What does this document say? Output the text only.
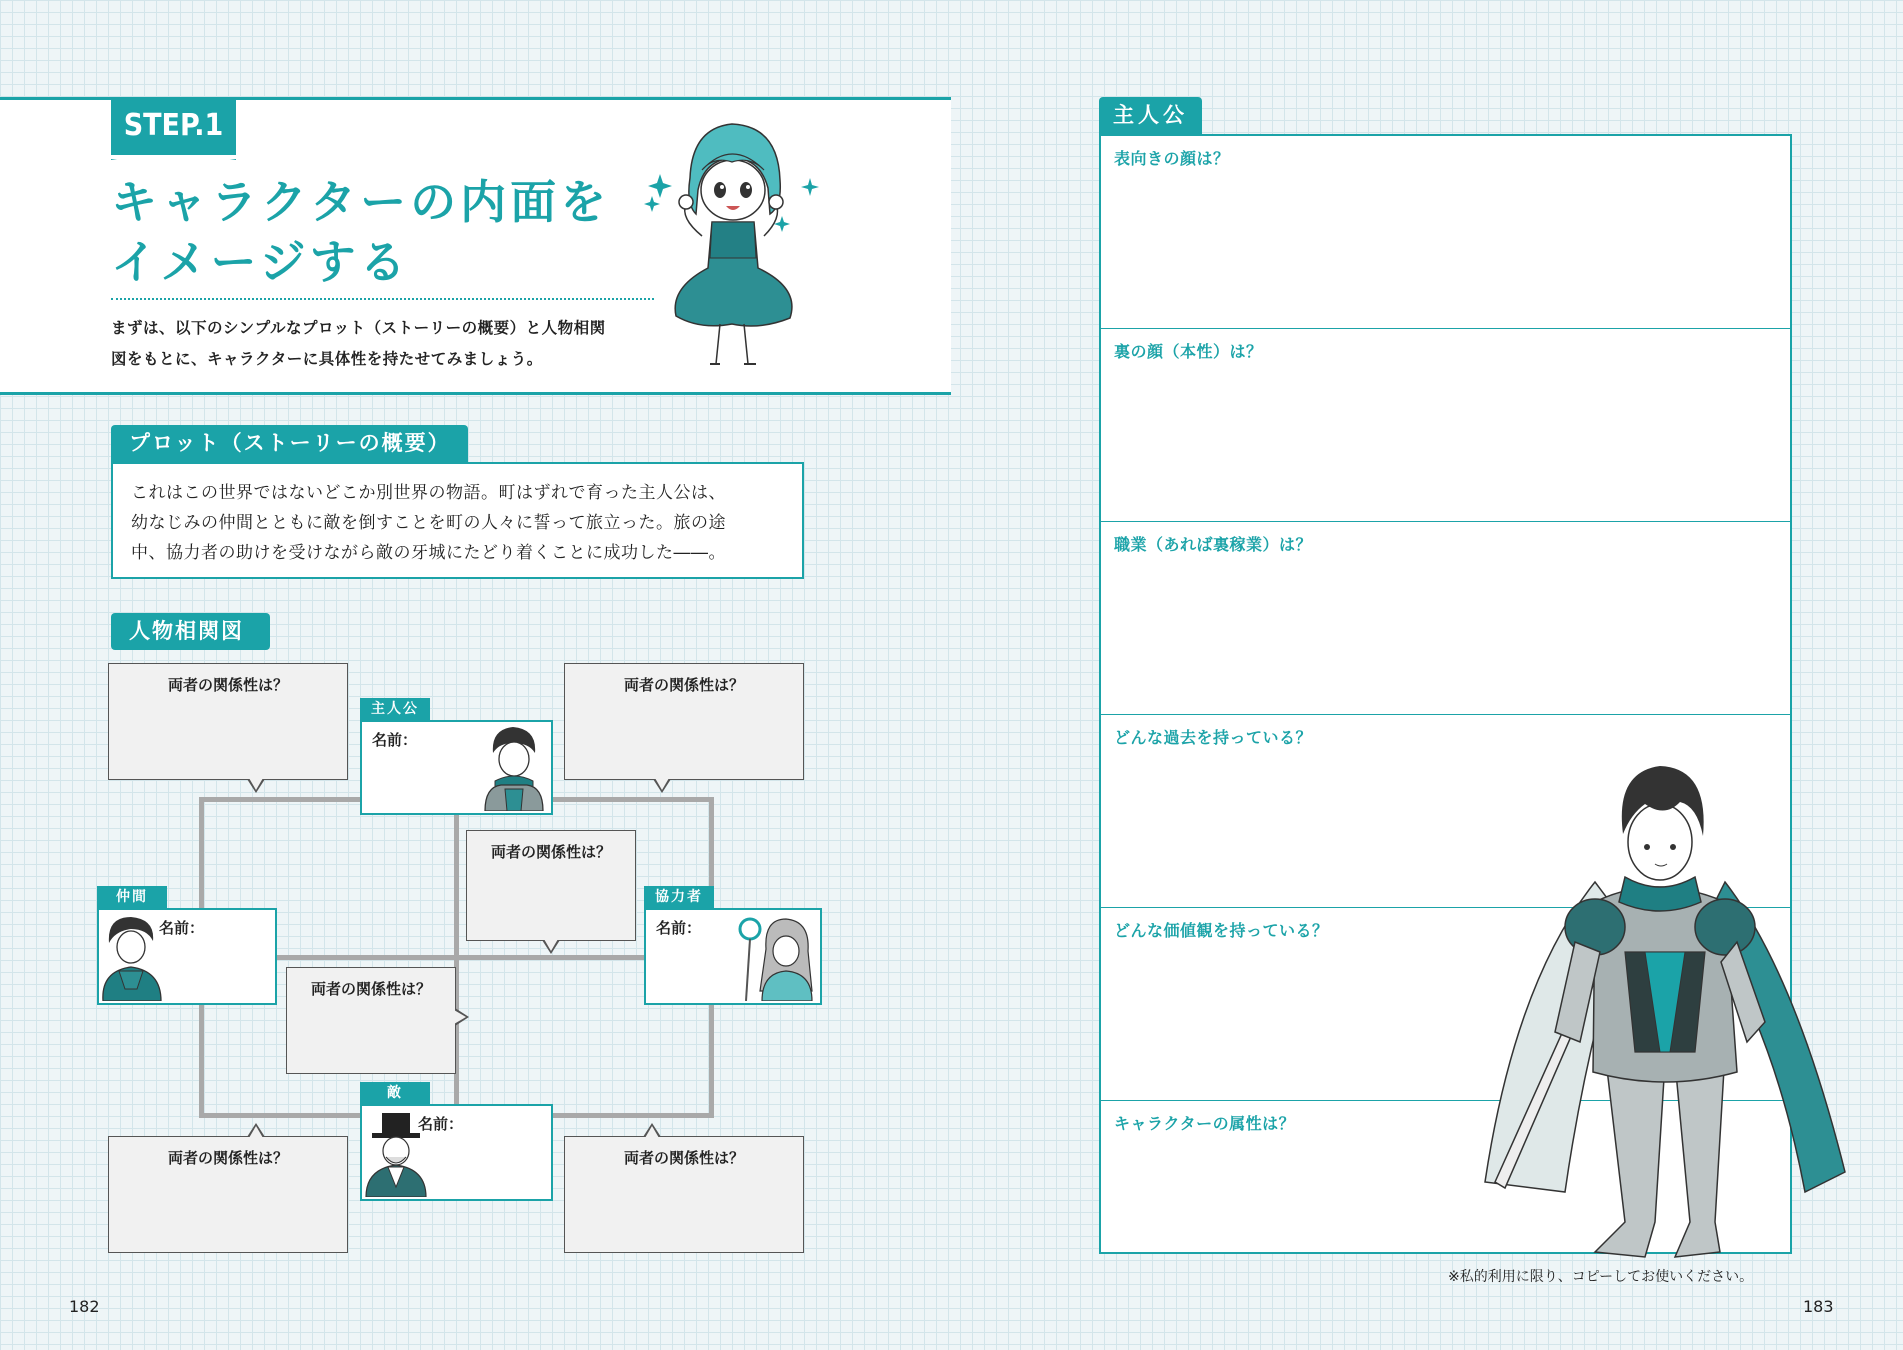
STEP.1
キャラクターの内面を
イメージする
まずは、以下のシンプルなプロット（ストーリーの概要）と人物相関
図をもとに、キャラクターに具体性を持たせてみましょう。
プロット（ストーリーの概要）
これはこの世界ではないどこか別世界の物語。町はずれで育った主人公は、
幼なじみの仲間とともに敵を倒すことを町の人々に誓って旅立った。旅の途
中、協力者の助けを受けながら敵の牙城にたどり着くことに成功した――。
人物相関図
両者の関係性は？	両者の関係性は？
両者の関係性は？
両者の関係性は？
両者の関係性は？	両者の関係性は？
主人公
名前：
仲間
名前：
協力者
名前：
敵
名前：
182
主人公
表向きの顔は？
裏の顔（本性）は？
職業（あれば裏稼業）は？
どんな過去を持っている？
どんな価値観を持っている？
キャラクターの属性は？
※私的利用に限り、コピーしてお使いください。
183
